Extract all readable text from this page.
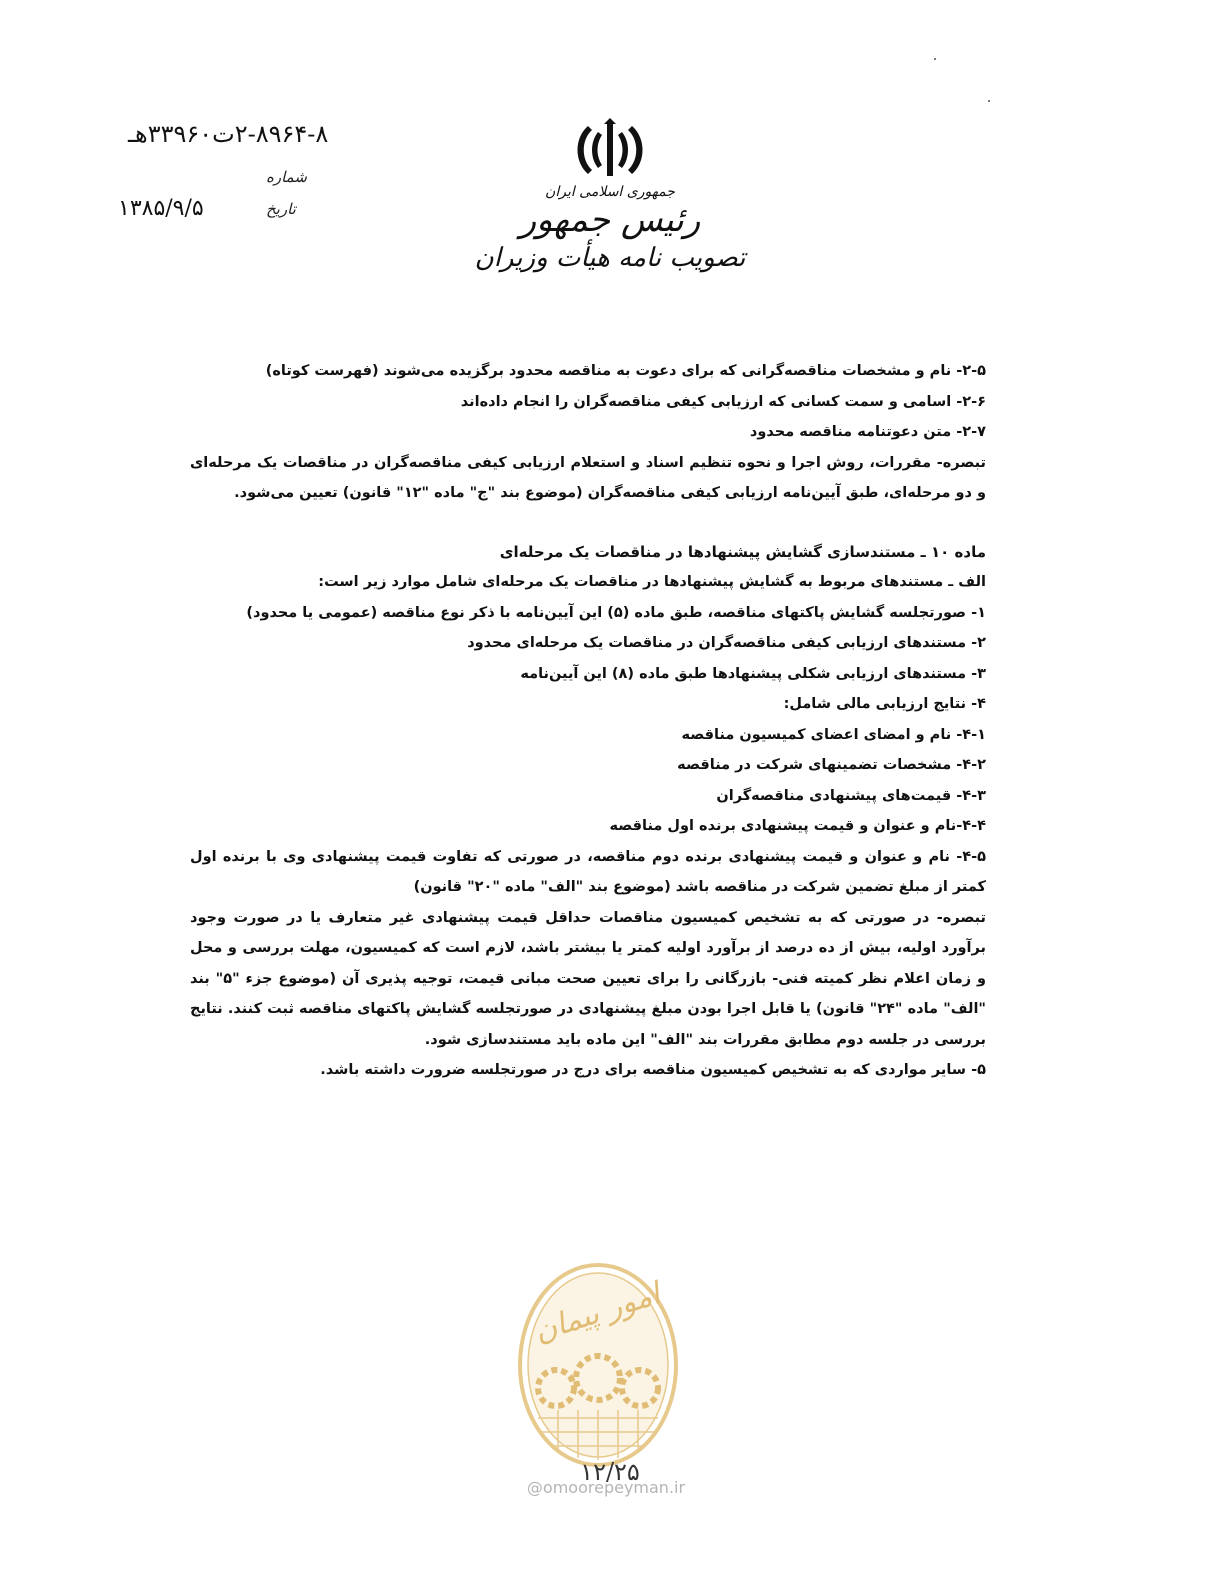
۲-۸۹۶۴-۸ت۳۳۹۶۰هـ
شماره
تاریخ
۱۳۸۵/۹/۵
جمهوری اسلامی ایران
رئیس جمهور
تصویب نامه هیأت وزیران

۲-۵- نام و مشخصات مناقصه‌گرانی که برای دعوت به مناقصه محدود برگزیده می‌شوند (فهرست کوتاه)

۲-۶- اسامی و سمت کسانی که ارزیابی کیفی مناقصه‌گران را انجام داده‌اند

۲-۷- متن دعوتنامه مناقصه محدود

تبصره- مقررات، روش اجرا و نحوه تنظیم اسناد و استعلام ارزیابی کیفی مناقصه‌گران در مناقصات یک مرحله‌ای و دو مرحله‌ای، طبق آیین‌نامه ارزیابی کیفی مناقصه‌گران (موضوع بند "ج" ماده "۱۲" قانون) تعیین می‌شود.

ماده ۱۰ ـ مستندسازی گشایش پیشنهادها در مناقصات یک مرحله‌ای

الف ـ مستندهای مربوط به گشایش پیشنهادها در مناقصات یک مرحله‌ای شامل موارد زیر است:

۱- صورتجلسه گشایش پاکتهای مناقصه، طبق ماده (۵) این آیین‌نامه با ذکر نوع مناقصه (عمومی یا محدود)

۲- مستندهای ارزیابی کیفی مناقصه‌گران در مناقصات یک مرحله‌ای محدود

۳- مستندهای ارزیابی شکلی پیشنهادها طبق ماده (۸) این آیین‌نامه

۴- نتایج ارزیابی مالی شامل:

۴-۱- نام و امضای اعضای کمیسیون مناقصه

۴-۲- مشخصات تضمینهای شرکت در مناقصه

۴-۳- قیمت‌های پیشنهادی مناقصه‌گران

۴-۴-نام و عنوان و قیمت پیشنهادی برنده اول مناقصه

۴-۵- نام و عنوان و قیمت پیشنهادی برنده دوم مناقصه، در صورتی که تفاوت قیمت پیشنهادی وی با برنده اول کمتر از مبلغ تضمین شرکت در مناقصه باشد (موضوع بند "الف" ماده "۲۰" قانون)

تبصره- در صورتی که به تشخیص کمیسیون مناقصات حداقل قیمت پیشنهادی غیر متعارف یا در صورت وجود برآورد اولیه، بیش از ده درصد از برآورد اولیه کمتر یا بیشتر باشد، لازم است که کمیسیون، مهلت بررسی و محل و زمان اعلام نظر کمیته فنی- بازرگانی را برای تعیین صحت مبانی قیمت، توجیه پذیری آن (موضوع جزء "۵" بند "الف" ماده "۲۴" قانون) یا قابل اجرا بودن مبلغ پیشنهادی در صورتجلسه گشایش پاکتهای مناقصه ثبت کنند. نتایج بررسی در جلسه دوم مطابق مقررات بند "الف" این ماده باید مستندسازی شود.

۵- سایر مواردی که به تشخیص کمیسیون مناقصه برای درج در صورتجلسه ضرورت داشته باشد.

امور پیمان
۱۲/۲۵
@omoorepeyman.ir
